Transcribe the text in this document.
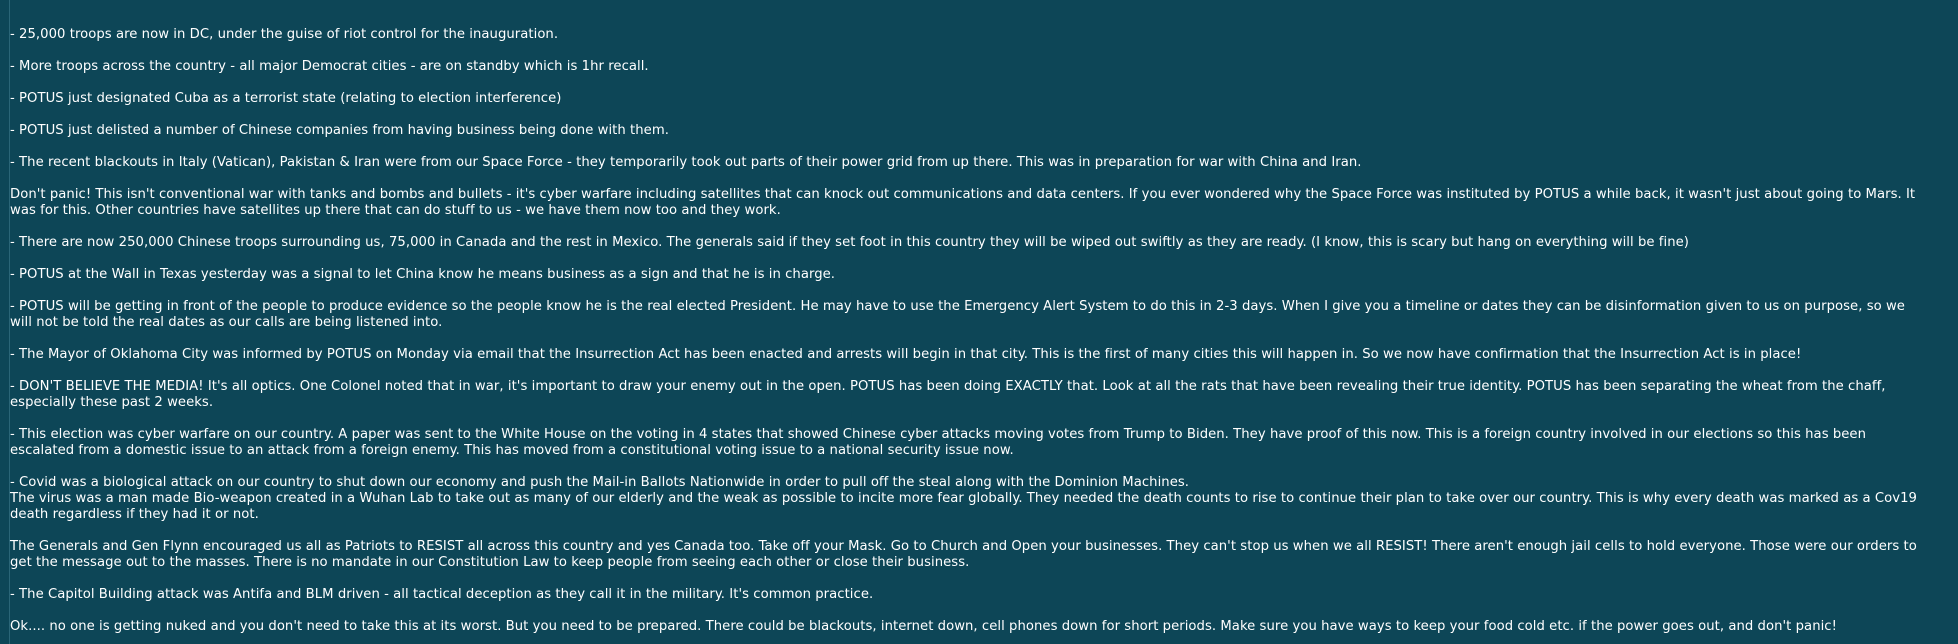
- 25,000 troops are now in DC, under the guise of riot control for the inauguration.

- More troops across the country - all major Democrat cities - are on standby which is 1hr recall.

- POTUS just designated Cuba as a terrorist state (relating to election interference)

- POTUS just delisted a number of Chinese companies from having business being done with them.

- The recent blackouts in Italy (Vatican), Pakistan & Iran were from our Space Force - they temporarily took out parts of their power grid from up there. This was in preparation for war with China and Iran.

Don't panic! This isn't conventional war with tanks and bombs and bullets - it's cyber warfare including satellites that can knock out communications and data centers. If you ever wondered why the Space Force was instituted by POTUS a while back, it wasn't just about going to Mars. It
was for this. Other countries have satellites up there that can do stuff to us - we have them now too and they work.

- There are now 250,000 Chinese troops surrounding us, 75,000 in Canada and the rest in Mexico. The generals said if they set foot in this country they will be wiped out swiftly as they are ready. (I know, this is scary but hang on everything will be fine)

- POTUS at the Wall in Texas yesterday was a signal to let China know he means business as a sign and that he is in charge.

- POTUS will be getting in front of the people to produce evidence so the people know he is the real elected President. He may have to use the Emergency Alert System to do this in 2-3 days. When I give you a timeline or dates they can be disinformation given to us on purpose, so we
will not be told the real dates as our calls are being listened into.

- The Mayor of Oklahoma City was informed by POTUS on Monday via email that the Insurrection Act has been enacted and arrests will begin in that city. This is the first of many cities this will happen in. So we now have confirmation that the Insurrection Act is in place!

- DON'T BELIEVE THE MEDIA! It's all optics. One Colonel noted that in war, it's important to draw your enemy out in the open. POTUS has been doing EXACTLY that. Look at all the rats that have been revealing their true identity. POTUS has been separating the wheat from the chaff,
especially these past 2 weeks.

- This election was cyber warfare on our country. A paper was sent to the White House on the voting in 4 states that showed Chinese cyber attacks moving votes from Trump to Biden. They have proof of this now. This is a foreign country involved in our elections so this has been
escalated from a domestic issue to an attack from a foreign enemy. This has moved from a constitutional voting issue to a national security issue now.

- Covid was a biological attack on our country to shut down our economy and push the Mail-in Ballots Nationwide in order to pull off the steal along with the Dominion Machines.
The virus was a man made Bio-weapon created in a Wuhan Lab to take out as many of our elderly and the weak as possible to incite more fear globally. They needed the death counts to rise to continue their plan to take over our country. This is why every death was marked as a Cov19
death regardless if they had it or not.

The Generals and Gen Flynn encouraged us all as Patriots to RESIST all across this country and yes Canada too. Take off your Mask. Go to Church and Open your businesses. They can't stop us when we all RESIST! There aren't enough jail cells to hold everyone. Those were our orders to
get the message out to the masses. There is no mandate in our Constitution Law to keep people from seeing each other or close their business.

- The Capitol Building attack was Antifa and BLM driven - all tactical deception as they call it in the military. It's common practice.

Ok.... no one is getting nuked and you don't need to take this at its worst. But you need to be prepared. There could be blackouts, internet down, cell phones down for short periods. Make sure you have ways to keep your food cold etc. if the power goes out, and don't panic!
